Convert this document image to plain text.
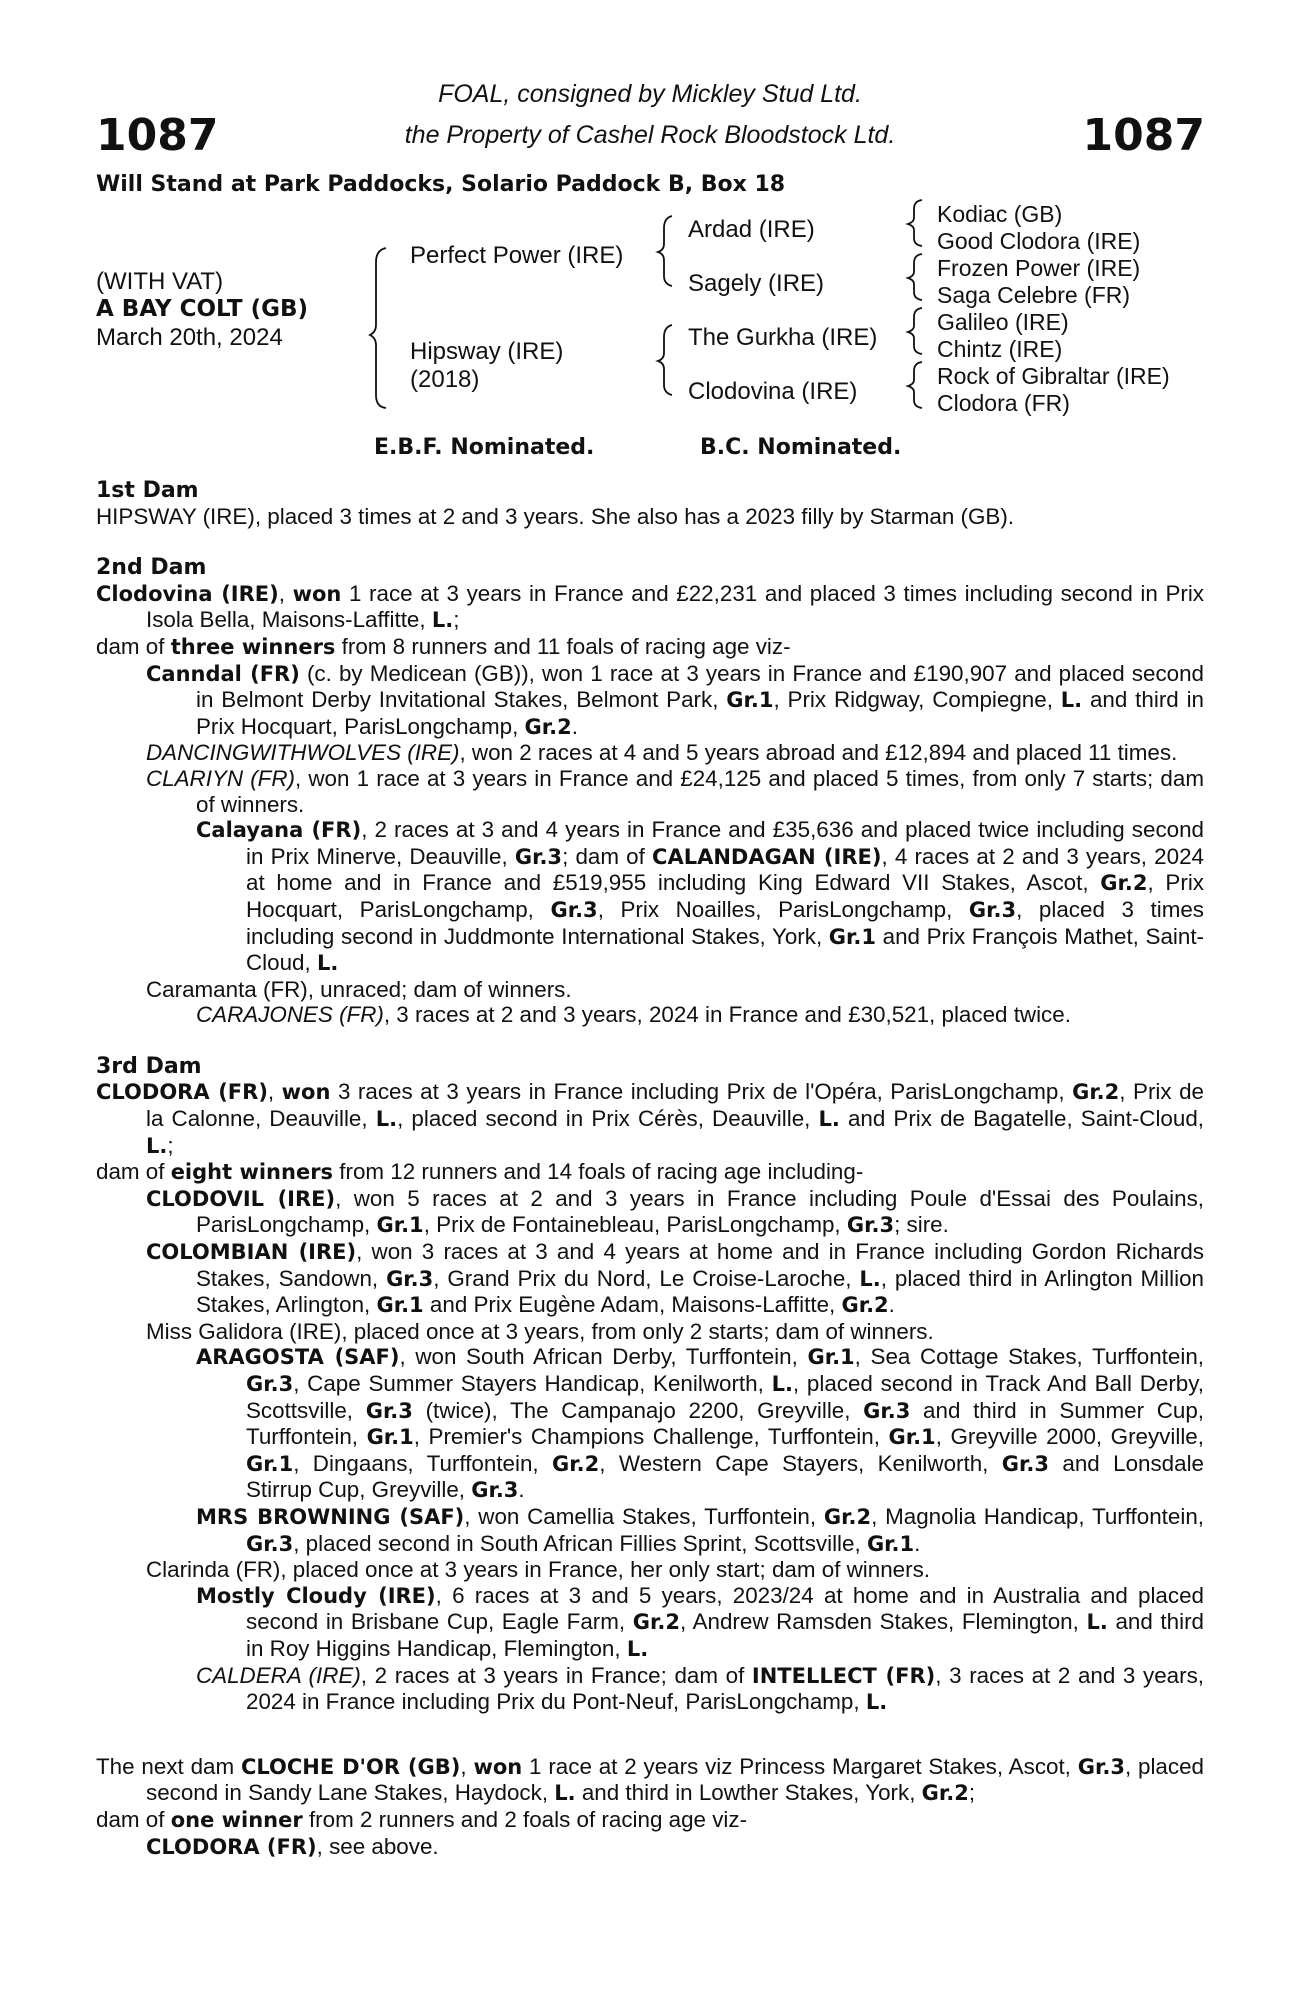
1087	1087
FOAL, consigned by Mickley Stud Ltd.
the Property of Cashel Rock Bloodstock Ltd.
Will Stand at Park Paddocks, Solario Paddock B, Box 18
(WITH VAT)
A BAY COLT (GB)
March 20th, 2024
Perfect Power (IRE)
Hipsway (IRE)
(2018)
Ardad (IRE)
Sagely (IRE)
The Gurkha (IRE)
Clodovina (IRE)
Kodiac (GB)
Good Clodora (IRE)
Frozen Power (IRE)
Saga Celebre (FR)
Galileo (IRE)
Chintz (IRE)
Rock of Gibraltar (IRE)
Clodora (FR)
E.B.F. Nominated.	B.C. Nominated.
1st Dam
HIPSWAY (IRE), placed 3 times at 2 and 3 years. She also has a 2023 filly by Starman (GB).
2nd Dam
Clodovina (IRE), won 1 race at 3 years in France and £22,231 and placed 3 times including second in Prix Isola Bella, Maisons-Laffitte, L.;
dam of three winners from 8 runners and 11 foals of racing age viz-
Canndal (FR) (c. by Medicean (GB)), won 1 race at 3 years in France and £190,907 and placed second in Belmont Derby Invitational Stakes, Belmont Park, Gr.1, Prix Ridgway, Compiegne, L. and third in Prix Hocquart, ParisLongchamp, Gr.2.
DANCINGWITHWOLVES (IRE), won 2 races at 4 and 5 years abroad and £12,894 and placed 11 times.
CLARIYN (FR), won 1 race at 3 years in France and £24,125 and placed 5 times, from only 7 starts; dam of winners.
Calayana (FR), 2 races at 3 and 4 years in France and £35,636 and placed twice including second in Prix Minerve, Deauville, Gr.3; dam of CALANDAGAN (IRE), 4 races at 2 and 3 years, 2024 at home and in France and £519,955 including King Edward VII Stakes, Ascot, Gr.2, Prix Hocquart, ParisLongchamp, Gr.3, Prix Noailles, ParisLongchamp, Gr.3, placed 3 times including second in Juddmonte International Stakes, York, Gr.1 and Prix François Mathet, Saint-Cloud, L.
Caramanta (FR), unraced; dam of winners.
CARAJONES (FR), 3 races at 2 and 3 years, 2024 in France and £30,521, placed twice.
3rd Dam
CLODORA (FR), won 3 races at 3 years in France including Prix de l'Opéra, ParisLongchamp, Gr.2, Prix de la Calonne, Deauville, L., placed second in Prix Cérès, Deauville, L. and Prix de Bagatelle, Saint-Cloud, L.;
dam of eight winners from 12 runners and 14 foals of racing age including-
CLODOVIL (IRE), won 5 races at 2 and 3 years in France including Poule d'Essai des Poulains, ParisLongchamp, Gr.1, Prix de Fontainebleau, ParisLongchamp, Gr.3; sire.
COLOMBIAN (IRE), won 3 races at 3 and 4 years at home and in France including Gordon Richards Stakes, Sandown, Gr.3, Grand Prix du Nord, Le Croise-Laroche, L., placed third in Arlington Million Stakes, Arlington, Gr.1 and Prix Eugène Adam, Maisons-Laffitte, Gr.2.
Miss Galidora (IRE), placed once at 3 years, from only 2 starts; dam of winners.
ARAGOSTA (SAF), won South African Derby, Turffontein, Gr.1, Sea Cottage Stakes, Turffontein, Gr.3, Cape Summer Stayers Handicap, Kenilworth, L., placed second in Track And Ball Derby, Scottsville, Gr.3 (twice), The Campanajo 2200, Greyville, Gr.3 and third in Summer Cup, Turffontein, Gr.1, Premier's Champions Challenge, Turffontein, Gr.1, Greyville 2000, Greyville, Gr.1, Dingaans, Turffontein, Gr.2, Western Cape Stayers, Kenilworth, Gr.3 and Lonsdale Stirrup Cup, Greyville, Gr.3.
MRS BROWNING (SAF), won Camellia Stakes, Turffontein, Gr.2, Magnolia Handicap, Turffontein, Gr.3, placed second in South African Fillies Sprint, Scottsville, Gr.1.
Clarinda (FR), placed once at 3 years in France, her only start; dam of winners.
Mostly Cloudy (IRE), 6 races at 3 and 5 years, 2023/24 at home and in Australia and placed second in Brisbane Cup, Eagle Farm, Gr.2, Andrew Ramsden Stakes, Flemington, L. and third in Roy Higgins Handicap, Flemington, L.
CALDERA (IRE), 2 races at 3 years in France; dam of INTELLECT (FR), 3 races at 2 and 3 years, 2024 in France including Prix du Pont-Neuf, ParisLongchamp, L.
The next dam CLOCHE D'OR (GB), won 1 race at 2 years viz Princess Margaret Stakes, Ascot, Gr.3, placed second in Sandy Lane Stakes, Haydock, L. and third in Lowther Stakes, York, Gr.2;
dam of one winner from 2 runners and 2 foals of racing age viz-
CLODORA (FR), see above.
